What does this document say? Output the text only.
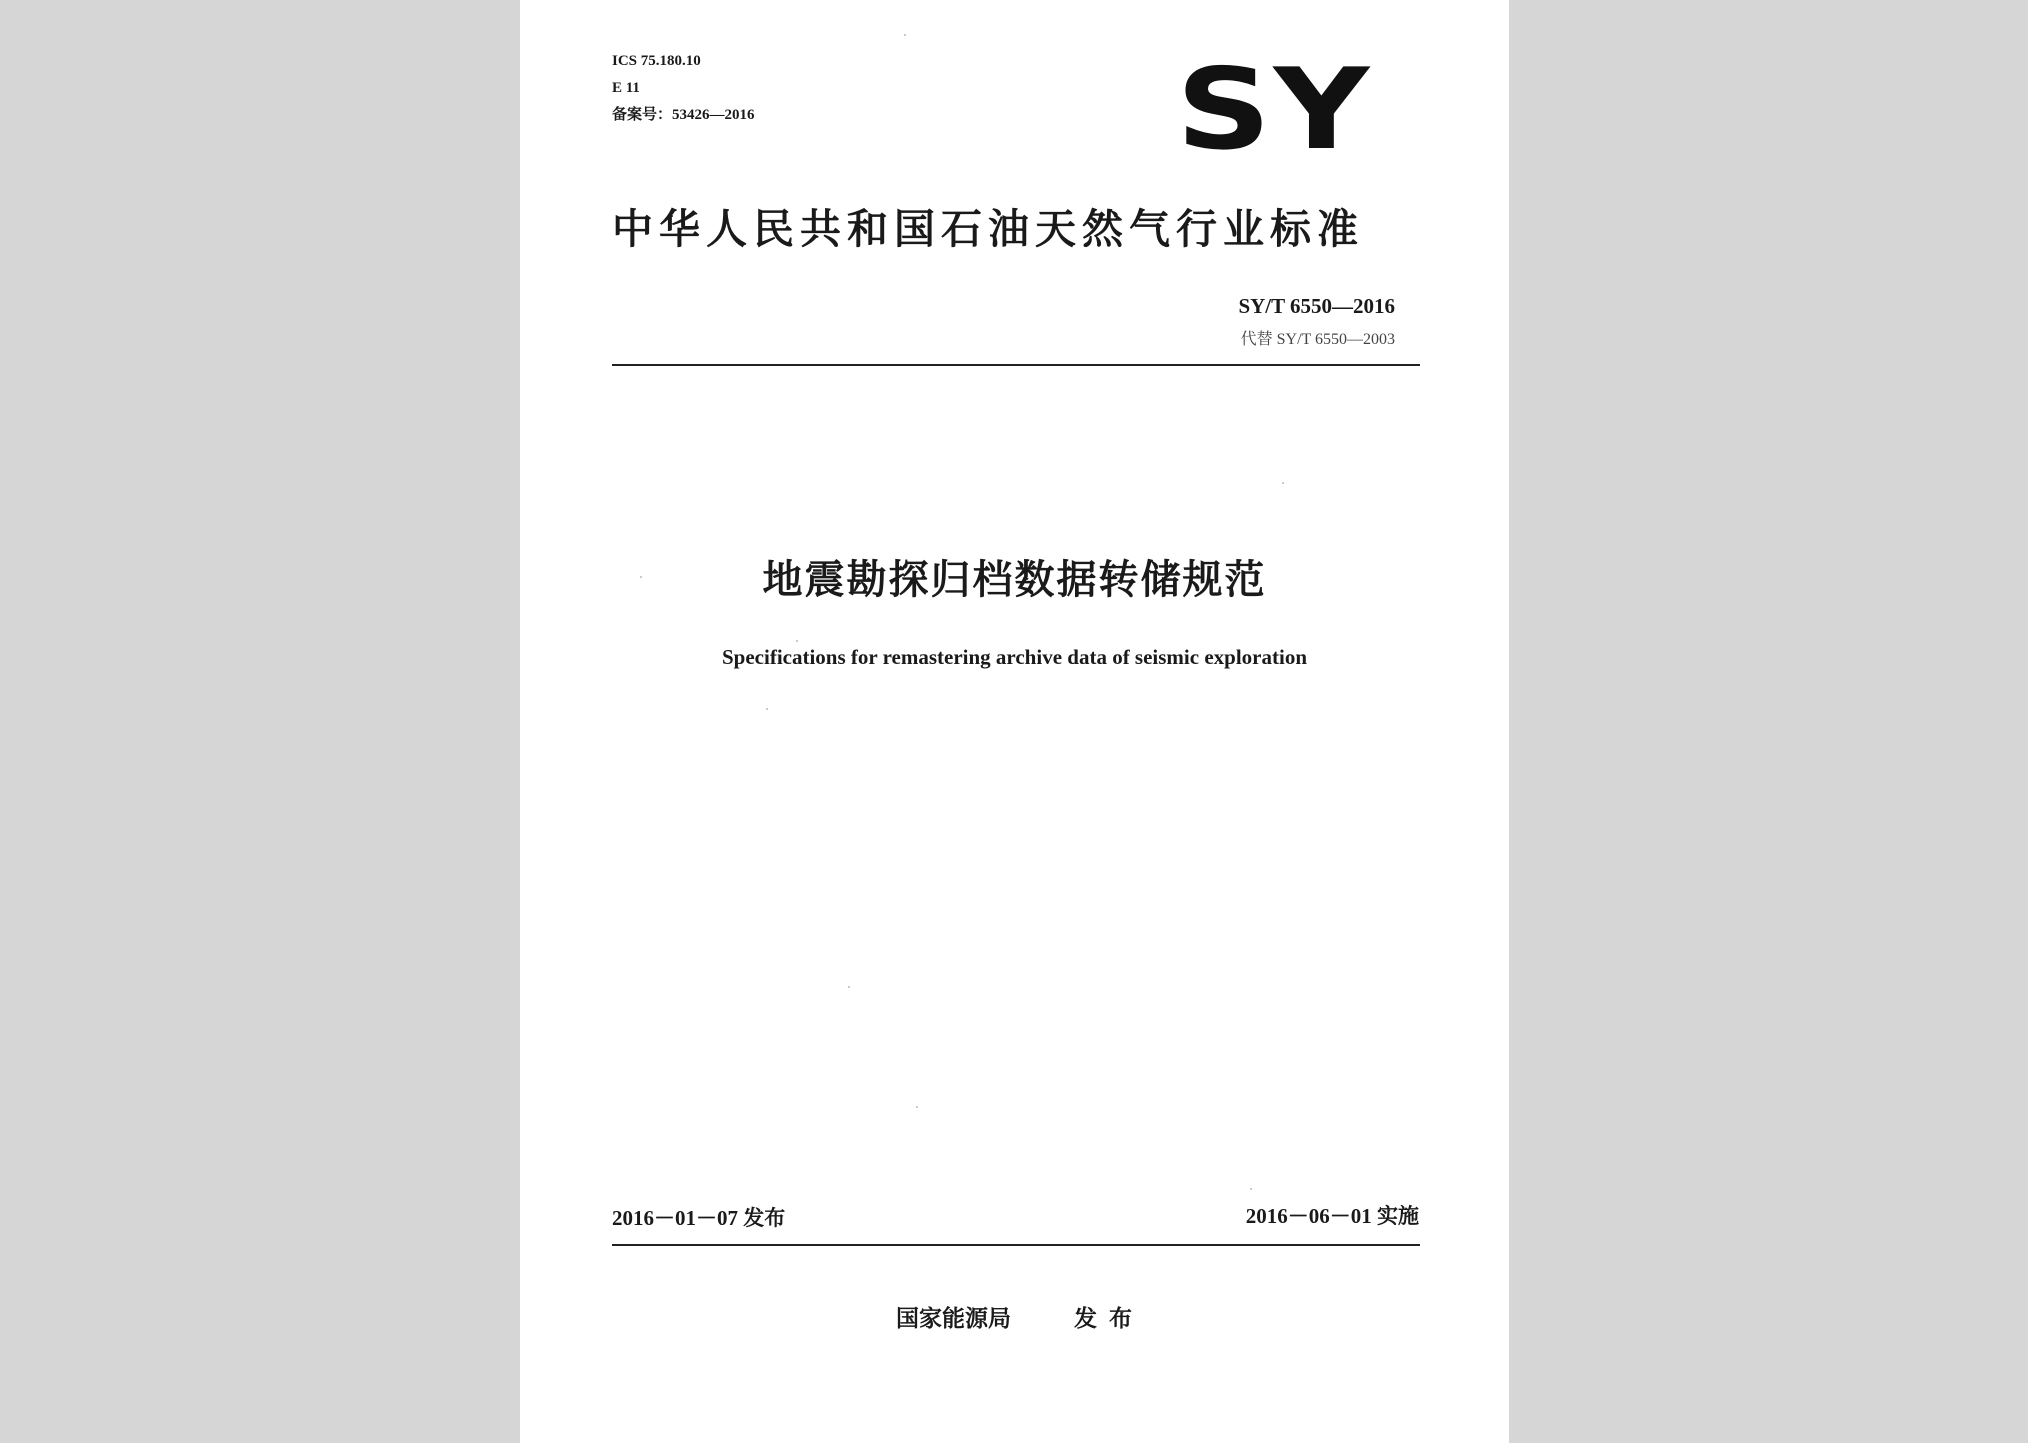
ICS 75.180.10
E 11
备案号：53426—2016	SY
中华人民共和国石油天然气行业标准
SY/T 6550—2016
代替 SY/T 6550—2003
地震勘探归档数据转储规范
Specifications for remastering archive data of seismic exploration
2016－01－07 发布	2016－06－01 实施
国家能源局	发布
